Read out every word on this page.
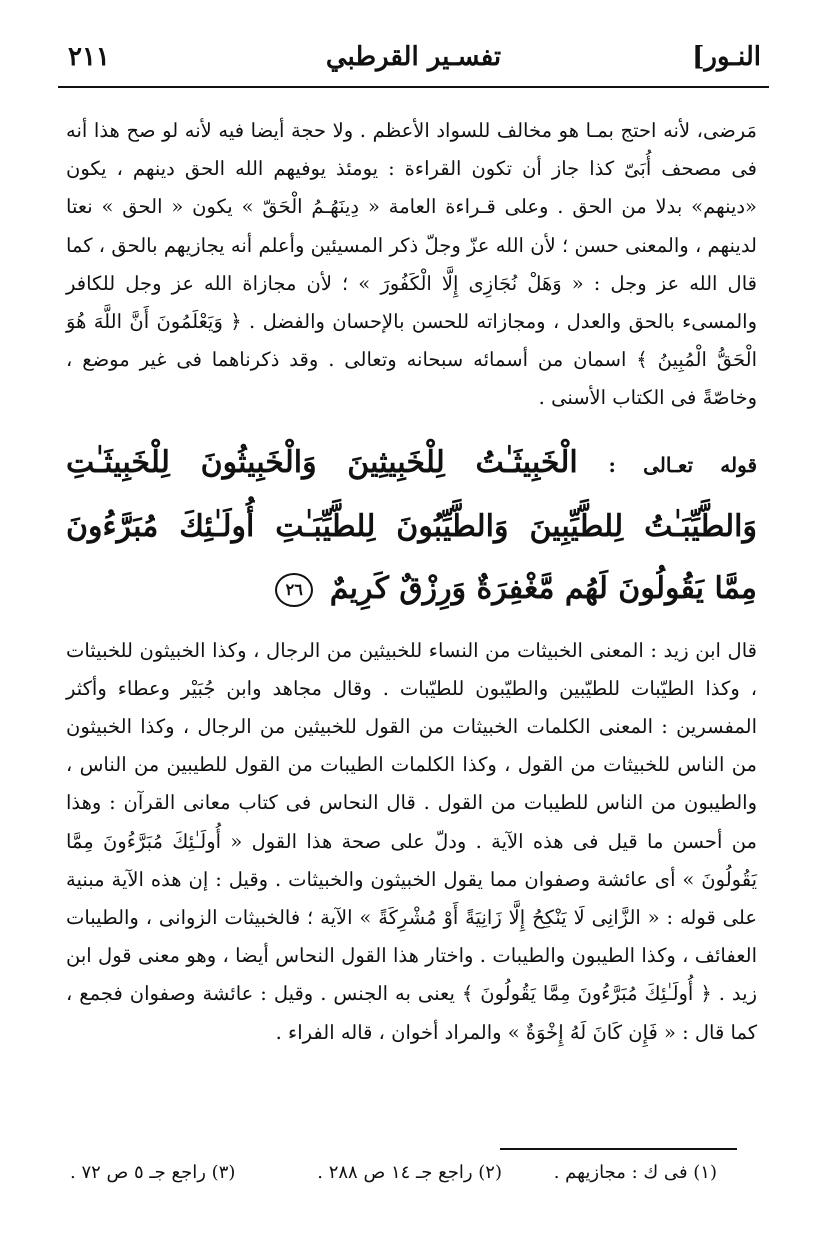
النـور]
تفسـير القرطبي
٢١١

مَرضى، لأنه احتج بمـا هو مخالف للسواد الأعظم . ولا حجة أيضا فيه لأنه لو صح هذا أنه فى مصحف أُبَىّ كذا جاز أن تكون القراءة : يومئذ يوفيهم الله الحق دينهم ، يكون «دينهم» بدلا من الحق . وعلى قـراءة العامة « دِينَهُـمُ الْحَقّ » يكون « الحق » نعتا لدينهم ، والمعنى حسن ؛ لأن الله عزّ وجلّ ذكر المسيئين وأعلم أنه يجازيهم بالحق ، كما قال الله عز وجل : « وَهَلْ نُجَازِى إِلَّا الْكَفُورَ » ؛ لأن مجازاة الله عز وجل للكافر والمسىء بالحق والعدل ، ومجازاته للحسن بالإحسان والفضل . ﴿ وَيَعْلَمُونَ أَنَّ اللَّهَ هُوَ الْحَقُّ الْمُبِينُ ﴾ اسمان من أسمائه سبحانه وتعالى . وقد ذكرناهما فى غير موضع ، وخاصّةً فى الكتاب الأسنى .

قوله تعـالى : الْخَبِيثَـٰتُ لِلْخَبِيثِينَ وَالْخَبِيثُونَ لِلْخَبِيثَـٰتِ وَالطَّيِّبَـٰتُ لِلطَّيِّبِينَ وَالطَّيِّبُونَ لِلطَّيِّبَـٰتِ أُولَـٰئِكَ مُبَرَّءُونَ مِمَّا يَقُولُونَ لَهُم مَّغْفِرَةٌ وَرِزْقٌ كَرِيمٌ ٢٦

قال ابن زيد : المعنى الخبيثات من النساء للخبيثين من الرجال ، وكذا الخبيثون للخبيثات ، وكذا الطيّبات للطيّبين والطيّبون للطيّبات . وقال مجاهد وابن جُبَيْر وعطاء وأكثر المفسرين : المعنى الكلمات الخبيثات من القول للخبيثين من الرجال ، وكذا الخبيثون من الناس للخبيثات من القول ، وكذا الكلمات الطيبات من القول للطيبين من الناس ، والطيبون من الناس للطيبات من القول . قال النحاس فى كتاب معانى القرآن : وهذا من أحسن ما قيل فى هذه الآية . ودلّ على صحة هذا القول « أُولَـٰئِكَ مُبَرَّءُونَ مِمَّا يَقُولُونَ » أى عائشة وصفوان مما يقول الخبيثون والخبيثات . وقيل : إن هذه الآية مبنية على قوله : « الزَّانِى لَا يَنْكِحُ إِلَّا زَانِيَةً أَوْ مُشْرِكَةً » الآية ؛ فالخبيثات الزوانى ، والطيبات العفائف ، وكذا الطيبون والطيبات . واختار هذا القول النحاس أيضا ، وهو معنى قول ابن زيد . ﴿ أُولَـٰئِكَ مُبَرَّءُونَ مِمَّا يَقُولُونَ ﴾ يعنى به الجنس . وقيل : عائشة وصفوان فجمع ، كما قال : « فَإِن كَانَ لَهُ إِخْوَةٌ » والمراد أخوان ، قاله الفراء .

(١) فى ك : مجازيهم .
(٢) راجع جـ ١٤ ص ٢٨٨ .
(٣) راجع جـ ٥ ص ٧٢ .
